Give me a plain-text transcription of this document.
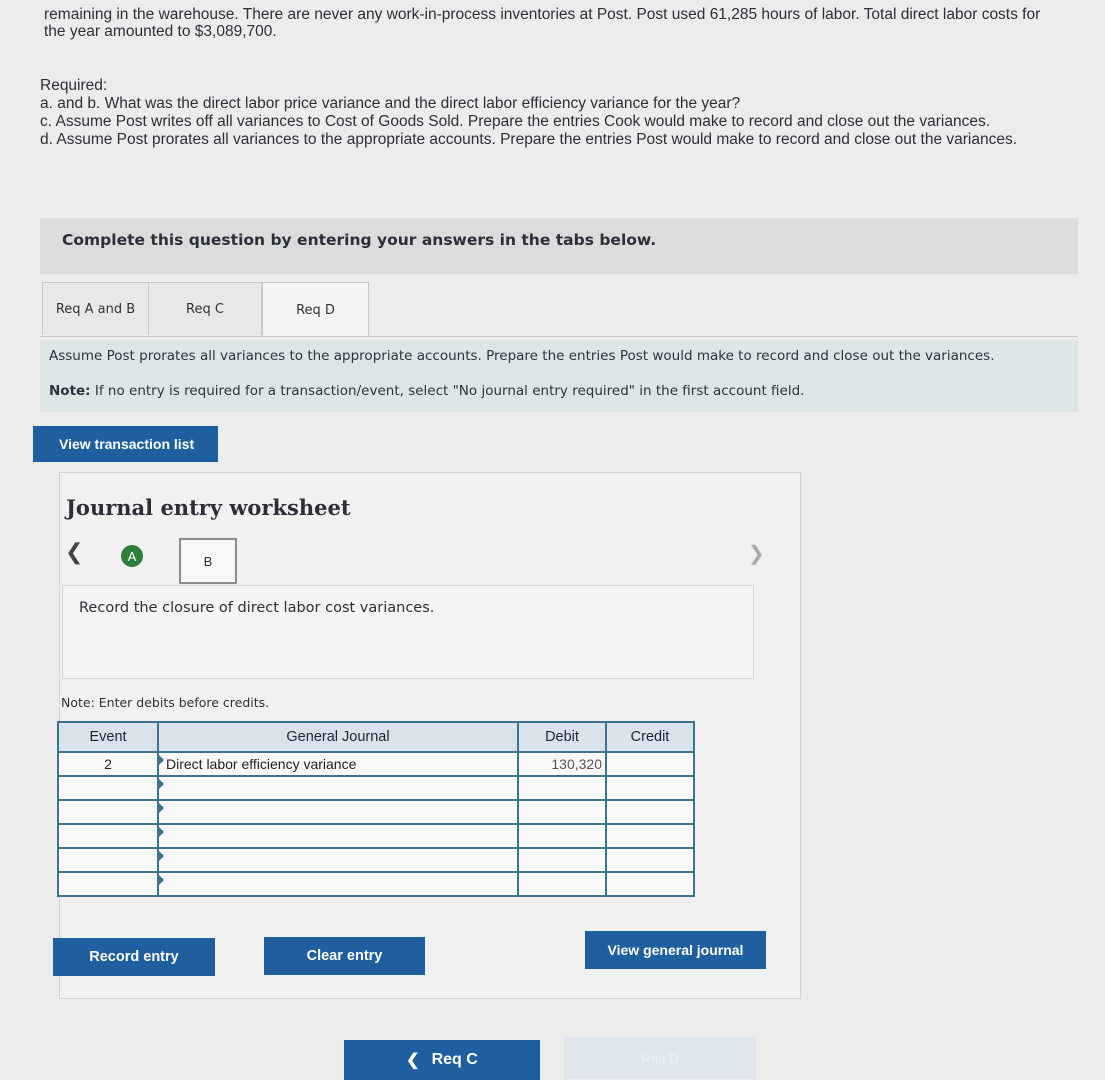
remaining in the warehouse. There are never any work-in-process inventories at Post. Post used 61,285 hours of labor. Total direct labor costs for the year amounted to $3,089,700.

Required:

a. and b. What was the direct labor price variance and the direct labor efficiency variance for the year?

c. Assume Post writes off all variances to Cost of Goods Sold. Prepare the entries Cook would make to record and close out the variances.

d. Assume Post prorates all variances to the appropriate accounts. Prepare the entries Post would make to record and close out the variances.

Complete this question by entering your answers in the tabs below.
Req A and B	Req C	Req D
Assume Post prorates all variances to the appropriate accounts. Prepare the entries Post would make to record and close out the variances.
Note: If no entry is required for a transaction/event, select "No journal entry required" in the first account field.
View transaction list
Journal entry worksheet
❮	A	B	❯
Record the closure of direct labor cost variances.
Note: Enter debits before credits.
Event	General Journal	Debit	Credit
2	Direct labor efficiency variance	130,320	

Record entry	Clear entry	View general journal
❮ Req C	Req D
